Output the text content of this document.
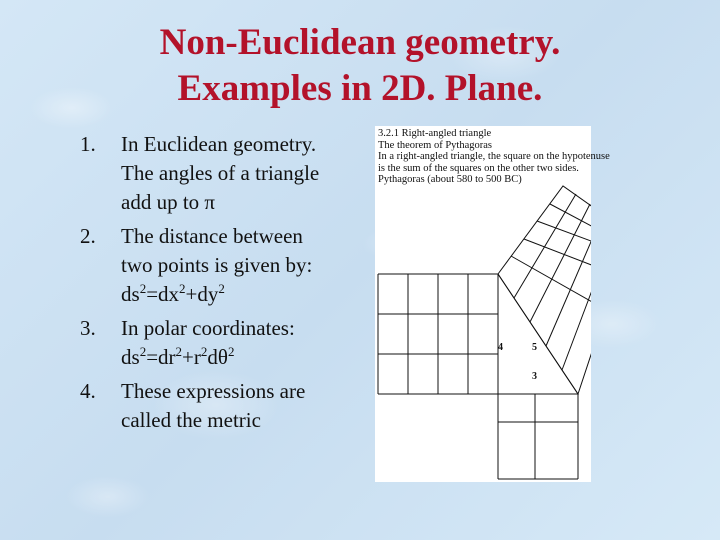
Non-Euclidean geometry.
Examples in 2D. Plane.
1.	In Euclidean geometry.
The angles of a triangle
add up to π
2.	The distance between
two points is given by:
$ds^2=dx^2+dy^2$
3.	In polar coordinates:
$ds^2=dr^2+r^2d\theta^2$
4.	These expressions are
called the metric
3.2.1 Right-angled triangle
The theorem of Pythagoras
In a right-angled triangle, the square on the hypotenuse
is the sum of the squares on the other two sides.
Pythagoras (about 580 to 500 BC)
4	5
3
